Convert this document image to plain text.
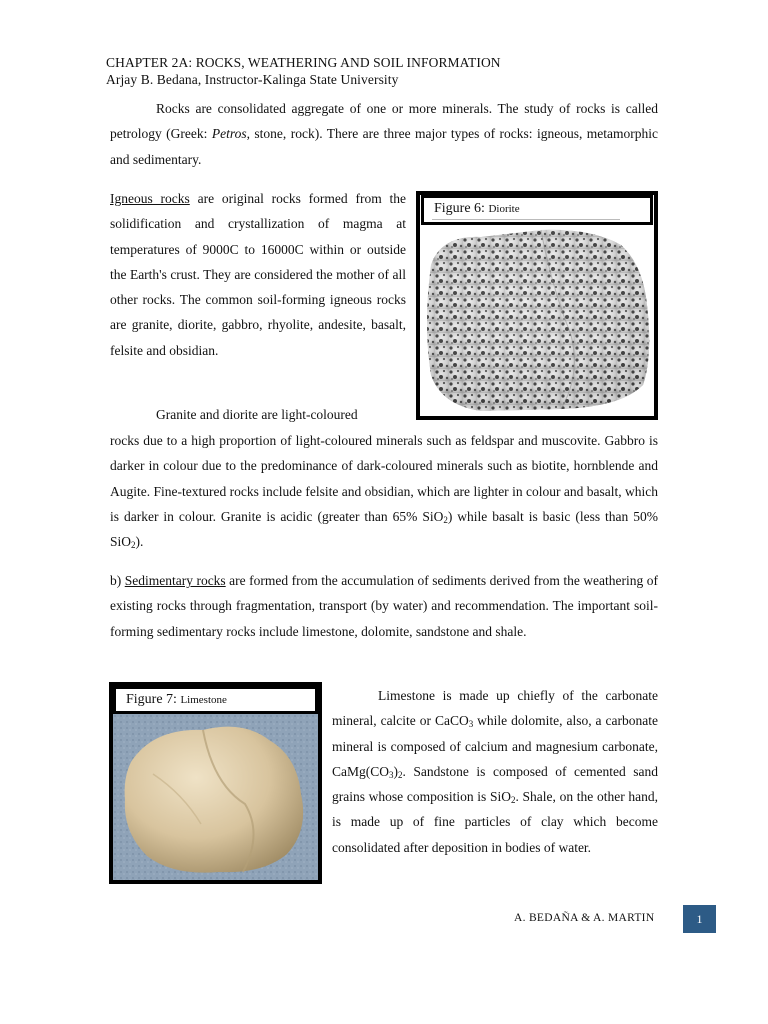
CHAPTER 2A: ROCKS, WEATHERING AND SOIL INFORMATION
Arjay B. Bedana, Instructor-Kalinga State University
Rocks are consolidated aggregate of one or more minerals. The study of rocks is called petrology (Greek: Petros, stone, rock). There are three major types of rocks: igneous, metamorphic and sedimentary.
Igneous rocks are original rocks formed from the solidification and crystallization of magma at temperatures of 9000C to 16000C within or outside the Earth's crust. They are considered the mother of all other rocks. The common soil-forming igneous rocks are granite, diorite, gabbro, rhyolite, andesite, basalt, felsite and obsidian.
Figure 6: Diorite
Granite and diorite are light-coloured
rocks due to a high proportion of light-coloured minerals such as feldspar and muscovite. Gabbro is darker in colour due to the predominance of dark-coloured minerals such as biotite, hornblende and Augite. Fine-textured rocks include felsite and obsidian, which are lighter in colour and basalt, which is darker in colour. Granite is acidic (greater than 65% SiO$_2$) while basalt is basic (less than 50% SiO$_2$).
b) Sedimentary rocks are formed from the accumulation of sediments derived from the weathering of existing rocks through fragmentation, transport (by water) and recommendation. The important soil-forming sedimentary rocks include limestone, dolomite, sandstone and shale.
Figure 7: Limestone	Limestone is made up chiefly of the carbonate mineral, calcite or CaCO$_3$ while dolomite, also, a carbonate mineral is composed of calcium and magnesium carbonate, $CaMg(CO_3)_2$. Sandstone is composed of cemented sand grains whose composition is SiO$_2$. Shale, on the other hand, is made up of fine particles of clay which become consolidated after deposition in bodies of water.
A. BEDAÑA & A. MARTIN	1
